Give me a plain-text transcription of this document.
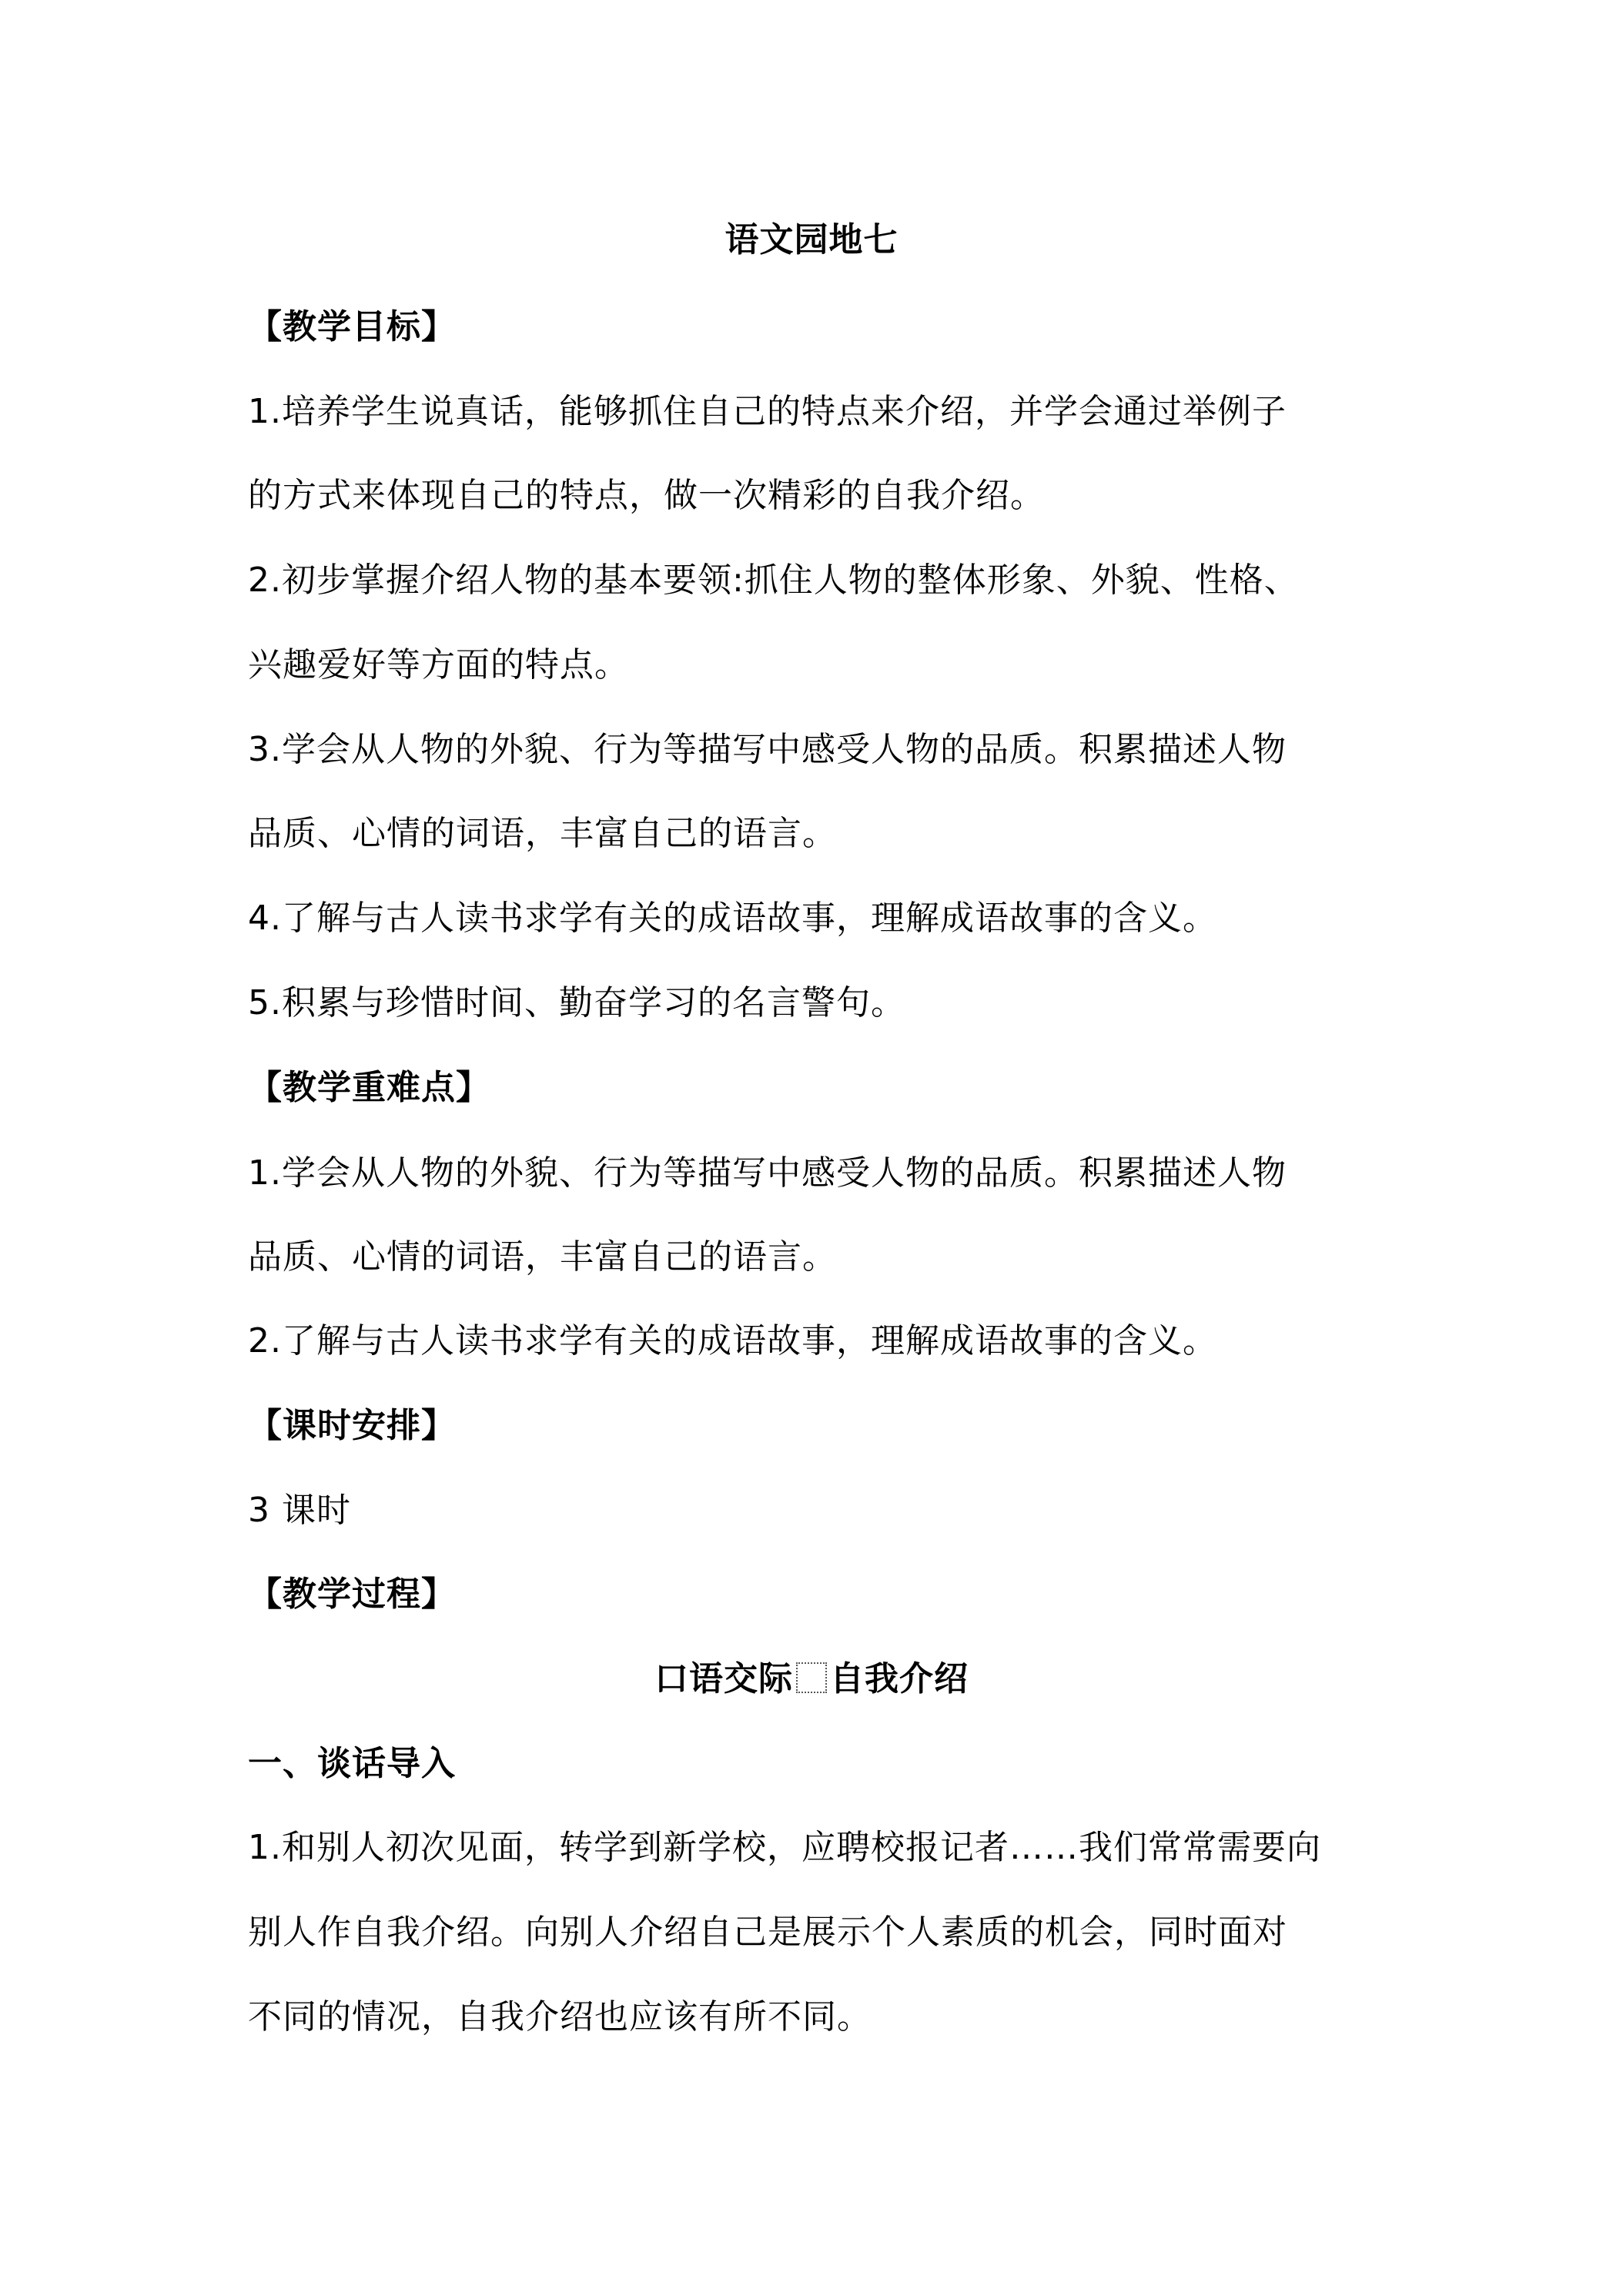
语文园地七
【教学目标】
1.培养学生说真话，能够抓住自己的特点来介绍，并学会通过举例子
的方式来体现自己的特点，做一次精彩的自我介绍。
2.初步掌握介绍人物的基本要领:抓住人物的整体形象、外貌、性格、
兴趣爱好等方面的特点。
3.学会从人物的外貌、行为等描写中感受人物的品质。积累描述人物
品质、心情的词语，丰富自己的语言。
4.了解与古人读书求学有关的成语故事，理解成语故事的含义。
5.积累与珍惜时间、勤奋学习的名言警句。
【教学重难点】
1.学会从人物的外貌、行为等描写中感受人物的品质。积累描述人物
品质、心情的词语，丰富自己的语言。
2.了解与古人读书求学有关的成语故事，理解成语故事的含义。
【课时安排】
3 课时
【教学过程】
口语交际 自我介绍
一、谈话导入
1.和别人初次见面，转学到新学校，应聘校报记者……我们常常需要向
别人作自我介绍。向别人介绍自己是展示个人素质的机会，同时面对
不同的情况，自我介绍也应该有所不同。
